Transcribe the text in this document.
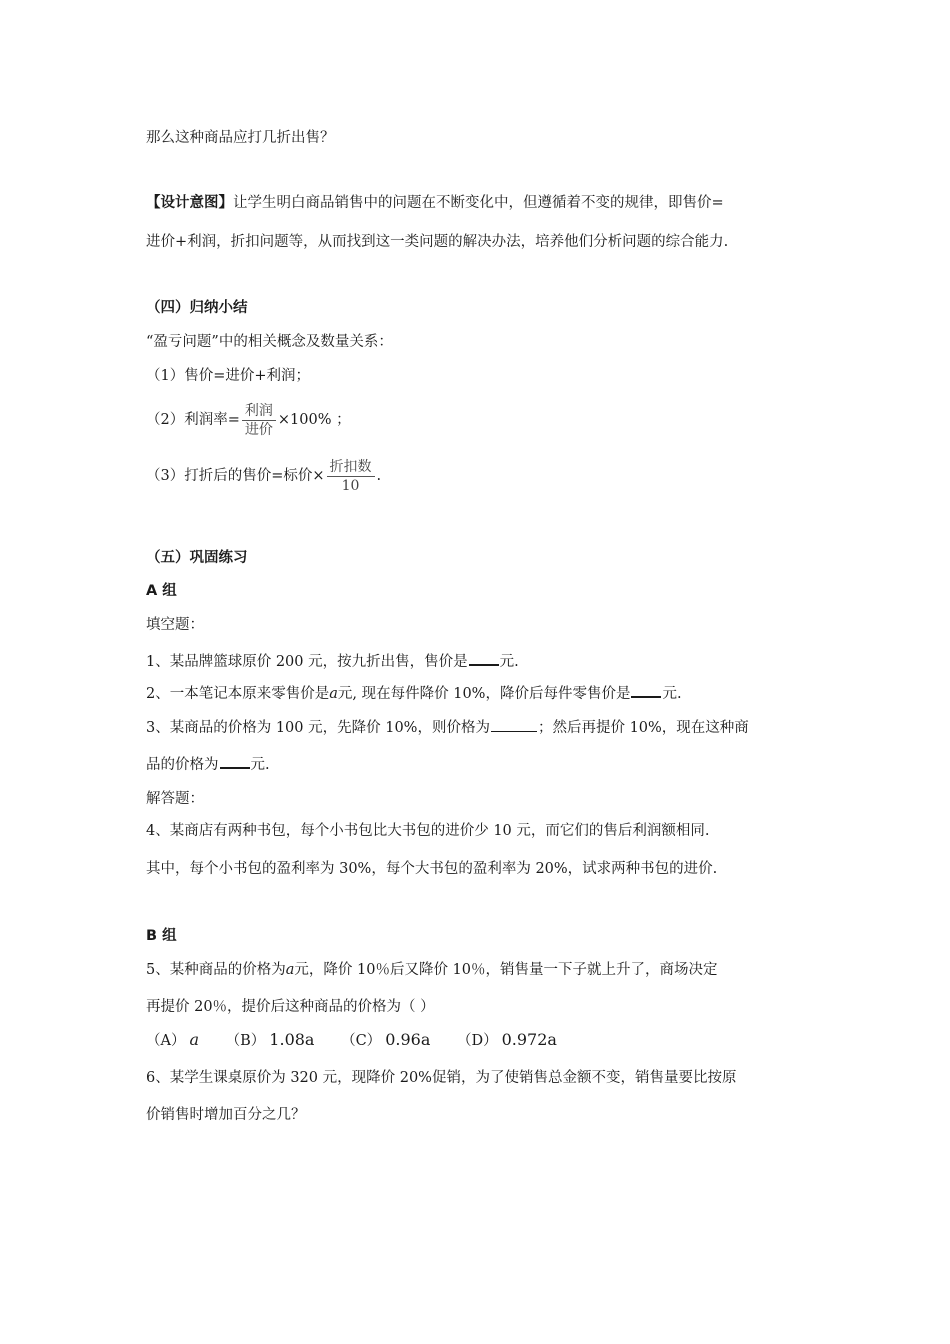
那么这种商品应打几折出售？
【设计意图】让学生明白商品销售中的问题在不断变化中，但遵循着不变的规律，即售价=
进价+利润，折扣问题等，从而找到这一类问题的解决办法，培养他们分析问题的综合能力.
（四）归纳小结
“盈亏问题”中的相关概念及数量关系：
（1）售价=进价+利润；
（2）利润率= $\frac{\text{利润}}{\text{进价}} \times 100\%$ ；
（3）打折后的售价=标价× $\frac{\text{折扣数}}{10}$ .
（五）巩固练习
A 组
填空题：
1、某品牌篮球原价 200 元，按九折出售，售价是 元.
2、一本笔记本原来零售价是a元, 现在每件降价 10%，降价后每件零售价是 元.
3、某商品的价格为 100 元，先降价 10%，则价格为	；然后再提价 10%，现在这种商
品的价格为 元.
解答题：
4、某商店有两种书包，每个小书包比大书包的进价少 10 元，而它们的售后利润额相同.
其中，每个小书包的盈利率为 30%，每个大书包的盈利率为 20%，试求两种书包的进价.
B 组
5、某种商品的价格为a元，降价 10％后又降价 10％，销售量一下子就上升了，商场决定
再提价 20％，提价后这种商品的价格为（ ）
（A） a （B） 1.08a （C） 0.96a （D） 0.972a
6、某学生课桌原价为 320 元，现降价 20%促销，为了使销售总金额不变，销售量要比按原
价销售时增加百分之几？
